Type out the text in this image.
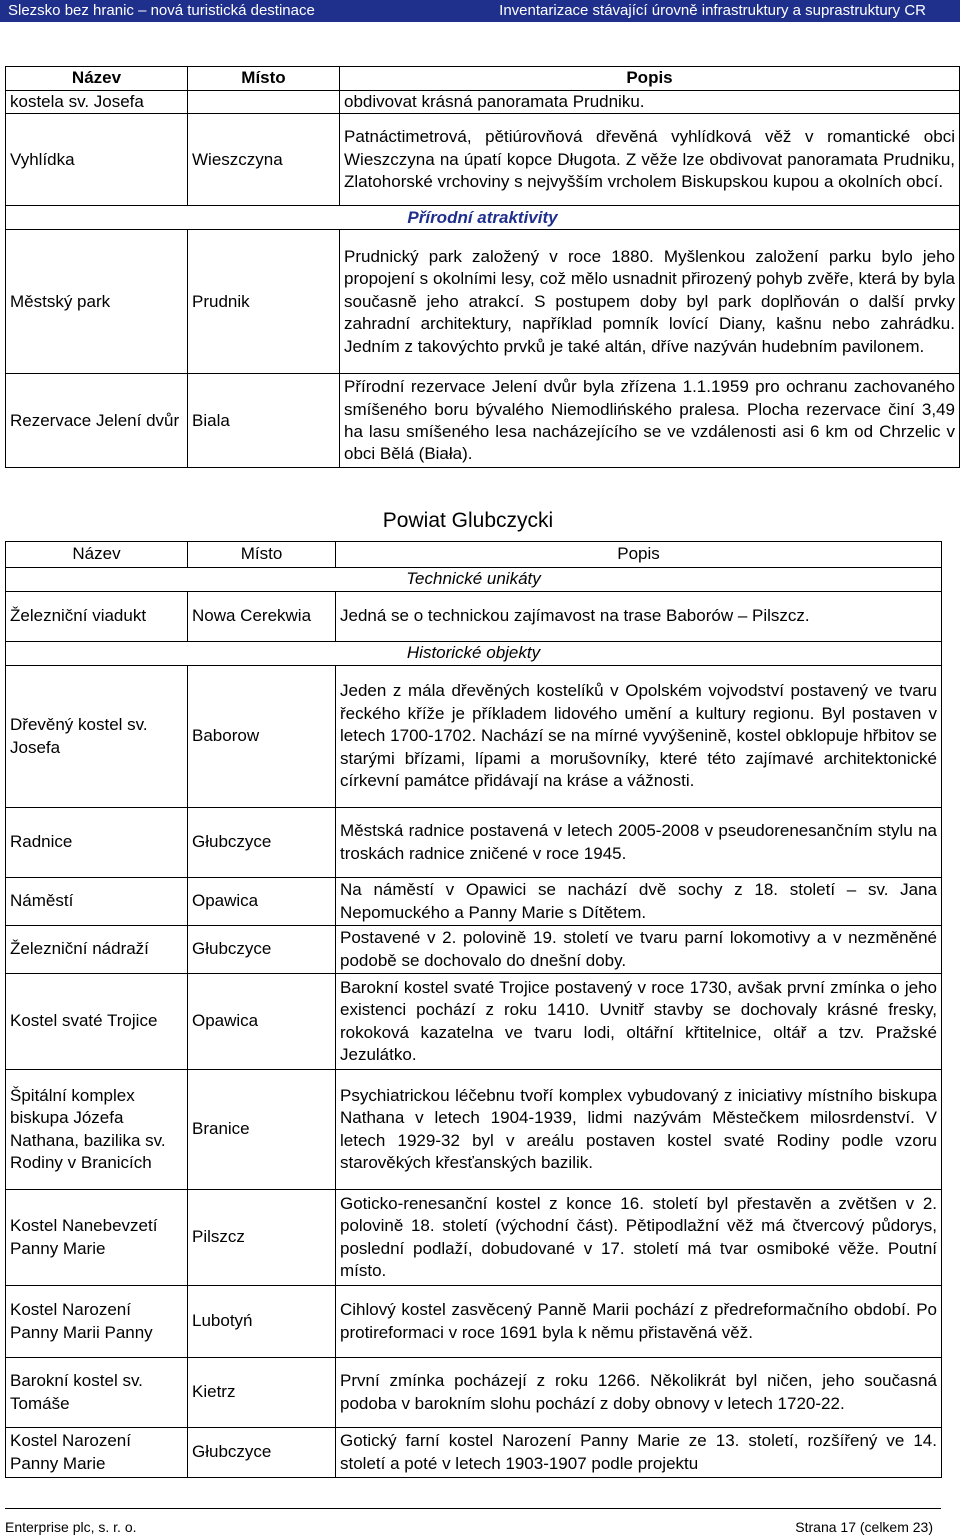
Slezsko bez hranic – nová turistická destinace	Inventarizace stávající úrovně infrastruktury a suprastruktury CR
Název	Místo	Popis
kostela sv. Josefa		obdivovat krásná panoramata Prudniku.
Vyhlídka	Wieszczyna	Patnáctimetrová, pětiúrovňová dřevěná vyhlídková věž v romantické obci Wieszczyna na úpatí kopce Długota. Z věže lze obdivovat panoramata Prudniku, Zlatohorské vrchoviny s nejvyšším vrcholem Biskupskou kupou a okolních obcí.
Přírodní atraktivity		
Městský park	Prudnik	Prudnický park založený v roce 1880. Myšlenkou založení parku bylo jeho propojení s okolními lesy, což mělo usnadnit přirozený pohyb zvěře, která by byla současně jeho atrakcí. S postupem doby byl park doplňován o další prvky zahradní architektury, například pomník lovící Diany, kašnu nebo zahrádku. Jedním z takovýchto prvků je také altán, dříve nazýván hudebním pavilonem.
Rezervace Jelení dvůr	Biala	Přírodní rezervace Jelení dvůr byla zřízena 1.1.1959 pro ochranu zachovaného smíšeného boru bývalého Niemodlińského pralesa. Plocha rezervace činí 3,49 ha lasu smíšeného lesa nacházejícího se ve vzdálenosti asi 6 km od Chrzelic v obci Bělá (Biała).
Powiat Glubczycki
Název	Místo	Popis
Technické unikáty		
Železniční viadukt	Nowa Cerekwia	Jedná se o technickou zajímavost na trase Baborów – Pilszcz.
Historické objekty		
Dřevěný kostel sv. Josefa	Baborow	Jeden z mála dřevěných kostelíků v Opolském vojvodství postavený ve tvaru řeckého kříže je příkladem lidového umění a kultury regionu. Byl postaven v letech 1700-1702. Nachází se na mírné vyvýšenině, kostel obklopuje hřbitov se starými břízami, lípami a morušovníky, které této zajímavé architektonické církevní památce přidávají na kráse a vážnosti.
Radnice	Głubczyce	Městská radnice postavená v letech 2005-2008 v pseudorenesančním stylu na troskách radnice zničené v roce 1945.
Náměstí	Opawica	Na náměstí v Opawici se nachází dvě sochy z 18. století – sv. Jana Nepomuckého a Panny Marie s Dítětem.
Železniční nádraží	Głubczyce	Postavené v 2. polovině 19. století ve tvaru parní lokomotivy a v nezměněné podobě se dochovalo do dnešní doby.
Kostel svaté Trojice	Opawica	Barokní kostel svaté Trojice postavený v roce 1730, avšak první zmínka o jeho existenci pochází z roku 1410. Uvnitř stavby se dochovaly krásné fresky, rokoková kazatelna ve tvaru lodi, oltářní křtitelnice, oltář a tzv. Pražské Jezulátko.
Špitální komplex biskupa Józefa Nathana, bazilika sv. Rodiny v Branicích	Branice	Psychiatrickou léčebnu tvoří komplex vybudovaný z iniciativy místního biskupa Nathana v letech 1904-1939, lidmi nazývám Městečkem milosrdenství. V letech 1929-32 byl v areálu postaven kostel svaté Rodiny podle vzoru starověkých křesťanských bazilik.
Kostel Nanebevzetí Panny Marie	Pilszcz	Goticko-renesanční kostel z konce 16. století byl přestavěn a zvětšen v 2. polovině 18. století (východní část). Pětipodlažní věž má čtvercový půdorys, poslední podlaží, dobudované v 17. století má tvar osmiboké věže. Poutní místo.
Kostel Narození Panny Marii Panny	Lubotyń	Cihlový kostel zasvěcený Panně Marii pochází z předreformačního období. Po protireformaci v roce 1691 byla k němu přistavěná věž.
Barokní kostel sv. Tomáše	Kietrz	První zmínka pocházejí z roku 1266. Několikrát byl ničen, jeho současná podoba v barokním slohu pochází z doby obnovy v letech 1720-22.
Kostel Narození Panny Marie	Głubczyce	Gotický farní kostel Narození Panny Marie ze 13. století, rozšířený ve 14. století a poté v letech 1903-1907 podle projektu
Enterprise plc, s. r. o.	Strana 17 (celkem 23)
